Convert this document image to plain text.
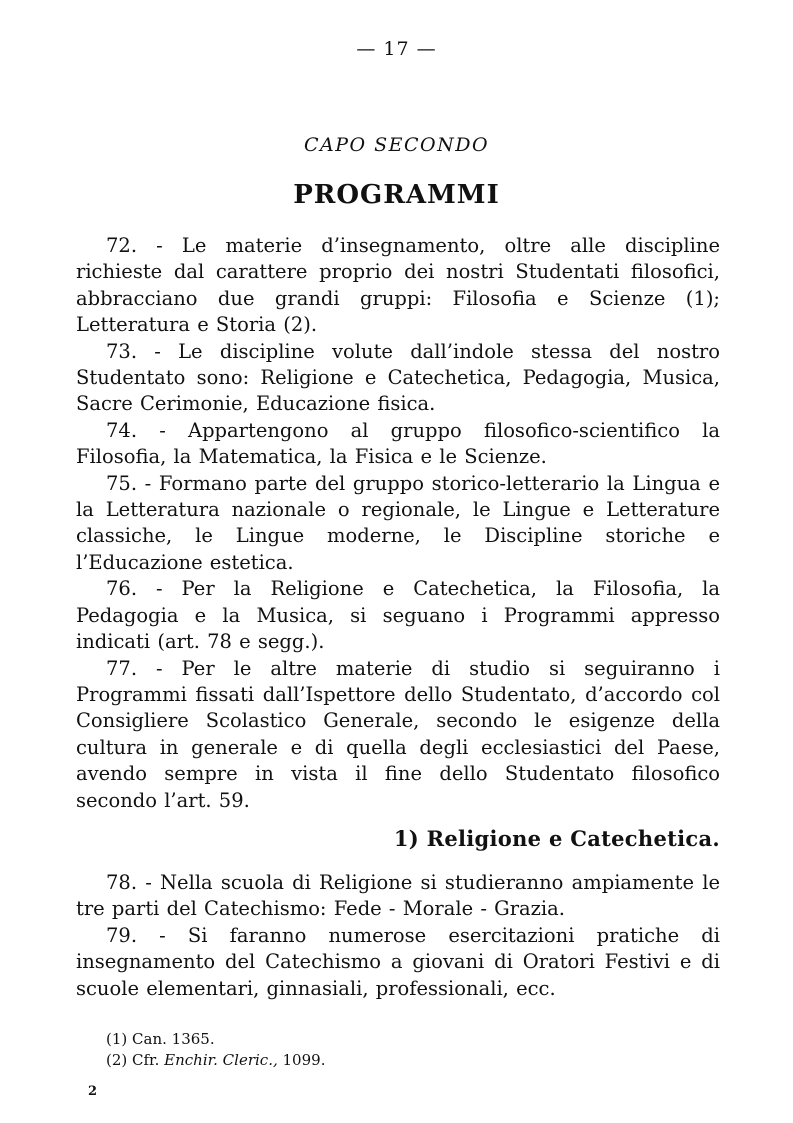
— 17 —
CAPO SECONDO
PROGRAMMI

72. - Le materie d’insegnamento, oltre alle discipline richieste dal carattere proprio dei nostri Studentati filosofici, abbracciano due grandi gruppi: Filosofia e Scienze (1); Letteratura e Storia (2).

73. - Le discipline volute dall’indole stessa del nostro Studentato sono: Religione e Catechetica, Pedagogia, Musica, Sacre Cerimonie, Educazione fisica.

74. - Appartengono al gruppo filosofico-scientifico la Filosofia, la Matematica, la Fisica e le Scienze.

75. - Formano parte del gruppo storico-letterario la Lingua e la Letteratura nazionale o regionale, le Lingue e Letterature classiche, le Lingue moderne, le Discipline storiche e l’Educazione estetica.

76. - Per la Religione e Catechetica, la Filosofia, la Pedagogia e la Musica, si seguano i Programmi appresso indicati (art. 78 e segg.).

77. - Per le altre materie di studio si seguiranno i Programmi fissati dall’Ispettore dello Studentato, d’accordo col Consigliere Scolastico Generale, secondo le esigenze della cultura in generale e di quella degli ecclesiastici del Paese, avendo sempre in vista il fine dello Studentato filosofico secondo l’art. 59.

1) Religione e Catechetica.

78. - Nella scuola di Religione si studieranno ampiamente le tre parti del Catechismo: Fede - Morale - Grazia.

79. - Si faranno numerose esercitazioni pratiche di insegnamento del Catechismo a giovani di Oratori Festivi e di scuole elementari, ginnasiali, professionali, ecc.

(1) Can. 1365.

(2) Cfr. Enchir. Cleric., 1099.

2
